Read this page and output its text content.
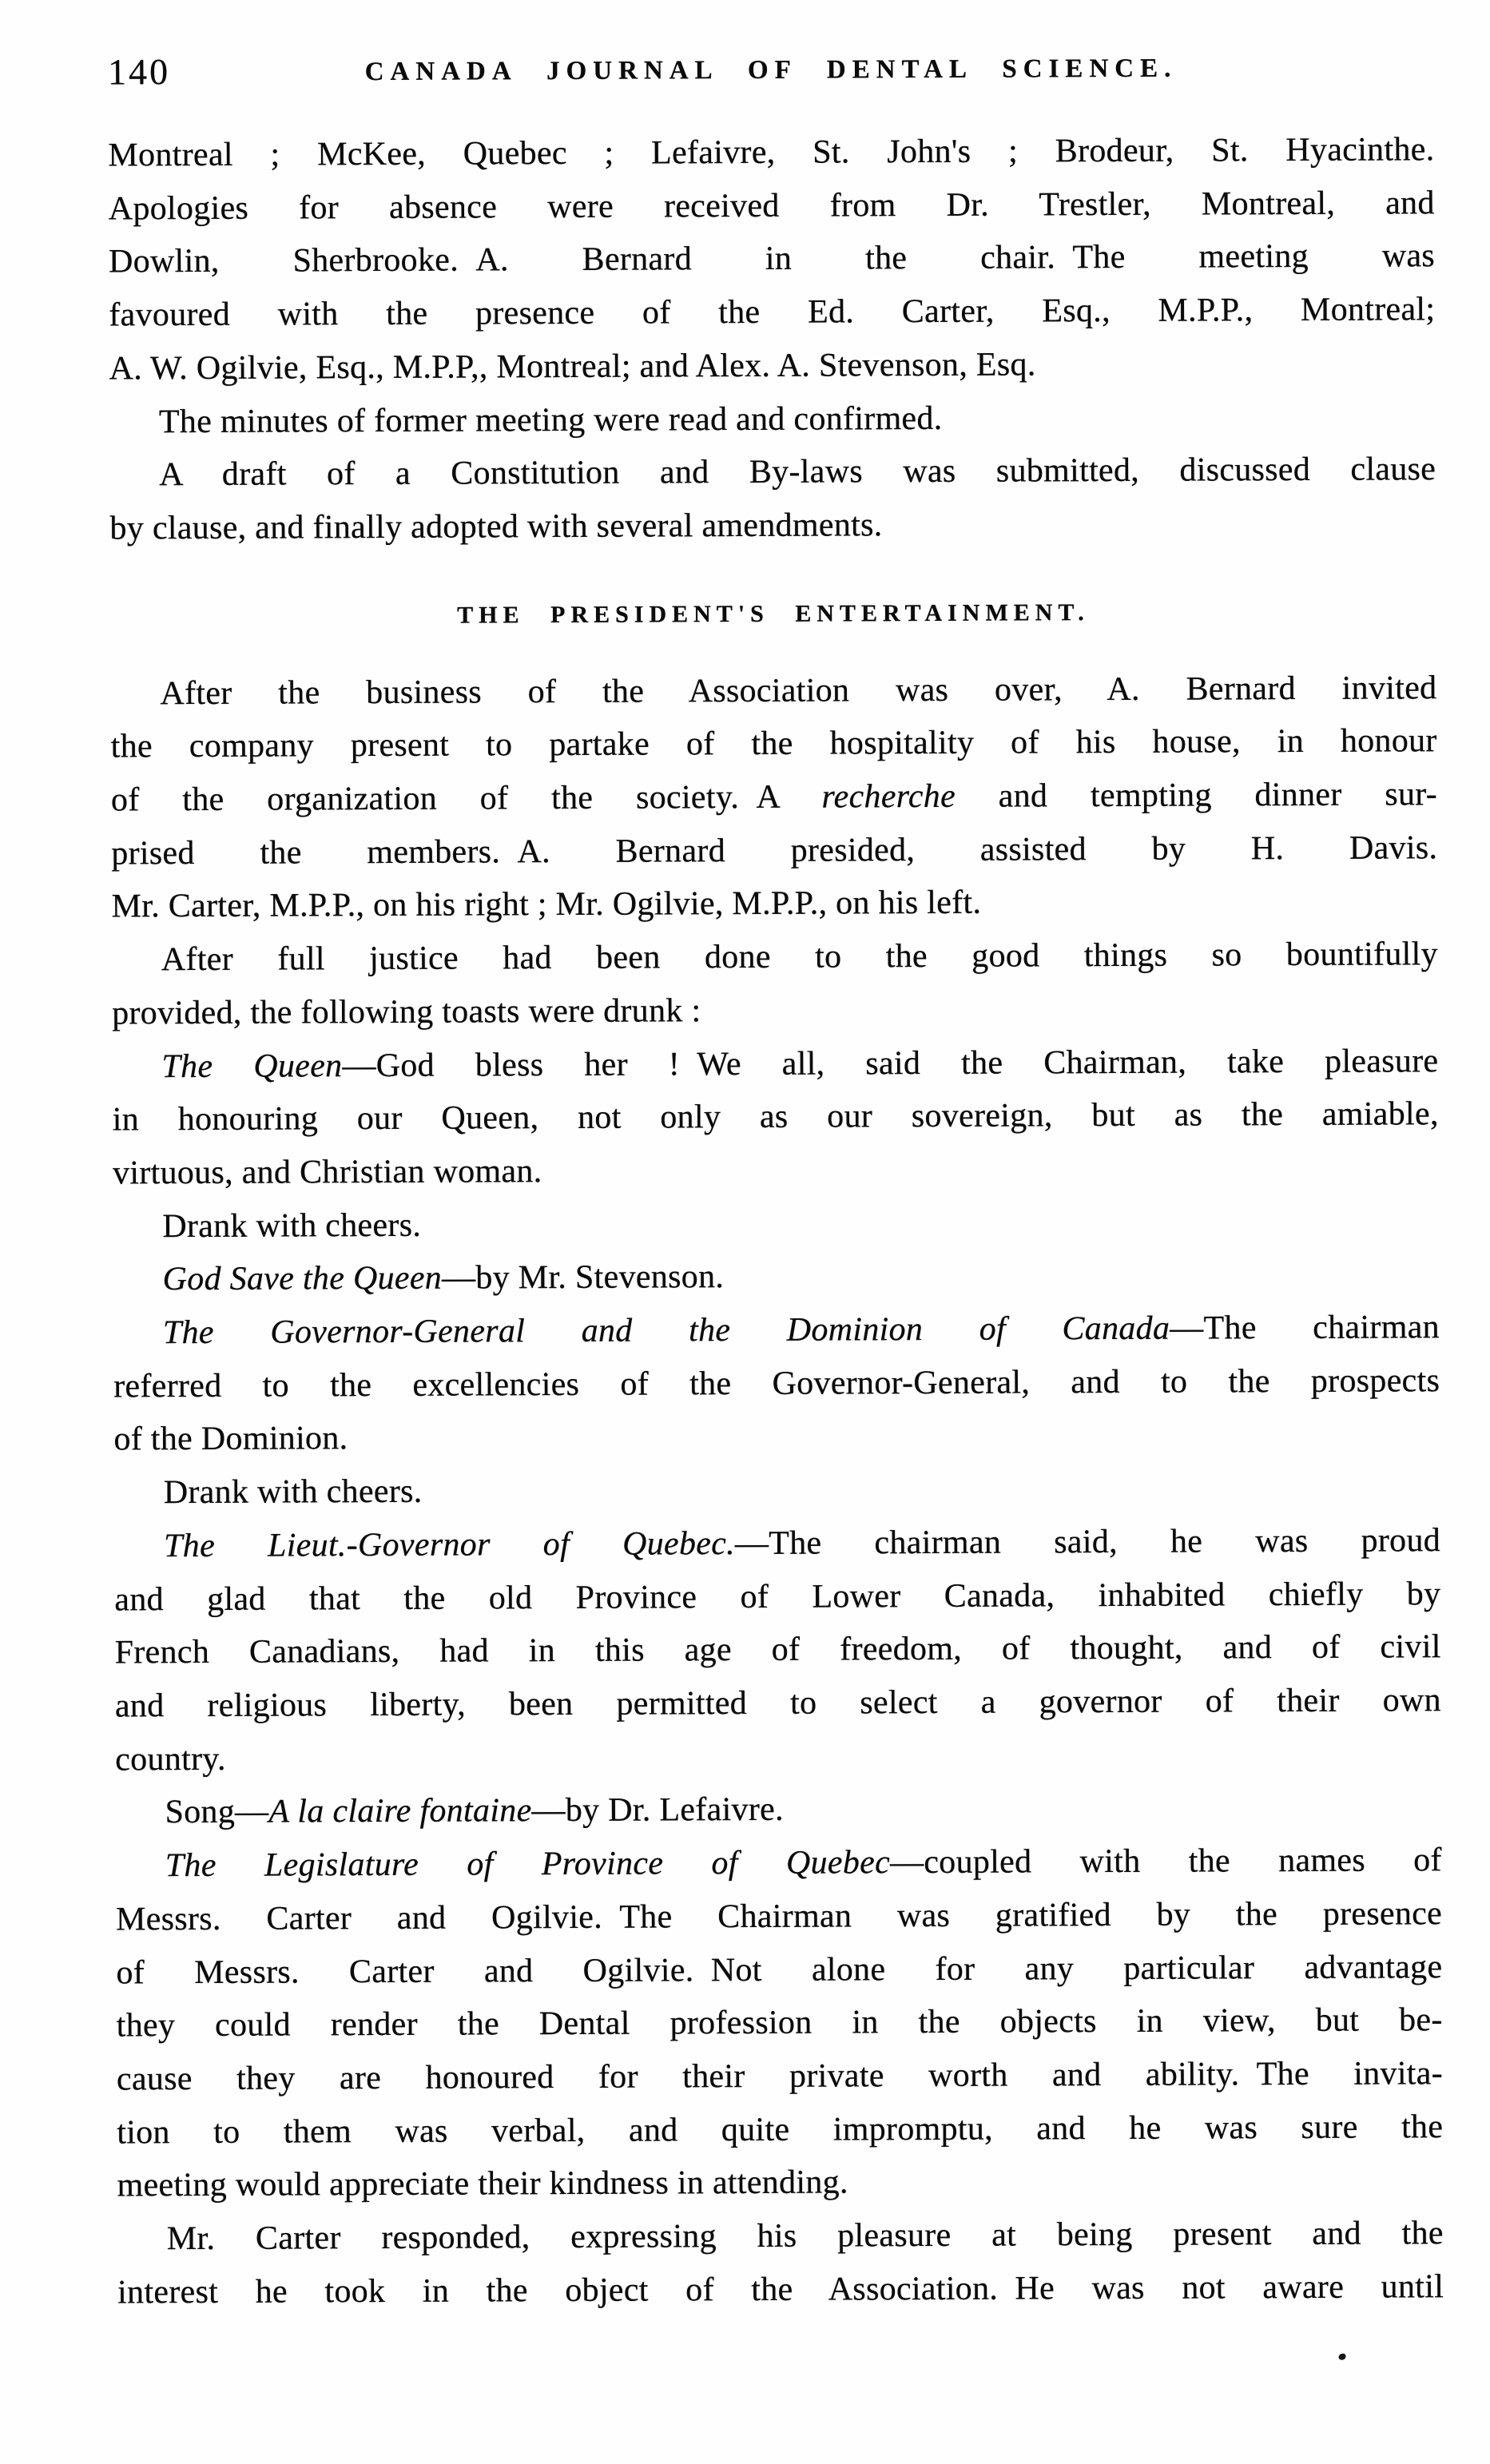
140	CANADA JOURNAL OF DENTAL SCIENCE.
Montreal ; McKee, Quebec ; Lefaivre, St. John's ; Brodeur, St. Hyacinthe.
Apologies for absence were received from Dr. Trestler, Montreal, and
Dowlin, Sherbrooke. A. Bernard in the chair. The meeting was
favoured with the presence of the Ed. Carter, Esq., M.P.P., Montreal;
A. W. Ogilvie, Esq., M.P.P,, Montreal; and Alex. A. Stevenson, Esq.
The minutes of former meeting were read and confirmed.
A draft of a Constitution and By-laws was submitted, discussed clause
by clause, and finally adopted with several amendments.
THE PRESIDENT'S ENTERTAINMENT.
After the business of the Association was over, A. Bernard invited
the company present to partake of the hospitality of his house, in honour
of the organization of the society. A recherche and tempting dinner sur-
prised the members. A. Bernard presided, assisted by H. Davis.
Mr. Carter, M.P.P., on his right ; Mr. Ogilvie, M.P.P., on his left.
After full justice had been done to the good things so bountifully
provided, the following toasts were drunk :
The Queen—God bless her ! We all, said the Chairman, take pleasure
in honouring our Queen, not only as our sovereign, but as the amiable,
virtuous, and Christian woman.
Drank with cheers.
God Save the Queen—by Mr. Stevenson.
The Governor-General and the Dominion of Canada—The chairman
referred to the excellencies of the Governor-General, and to the prospects
of the Dominion.
Drank with cheers.
The Lieut.-Governor of Quebec.—The chairman said, he was proud
and glad that the old Province of Lower Canada, inhabited chiefly by
French Canadians, had in this age of freedom, of thought, and of civil
and religious liberty, been permitted to select a governor of their own
country.
Song—A la claire fontaine—by Dr. Lefaivre.
The Legislature of Province of Quebec—coupled with the names of
Messrs. Carter and Ogilvie. The Chairman was gratified by the presence
of Messrs. Carter and Ogilvie. Not alone for any particular advantage
they could render the Dental profession in the objects in view, but be-
cause they are honoured for their private worth and ability. The invita-
tion to them was verbal, and quite impromptu, and he was sure the
meeting would appreciate their kindness in attending.
Mr. Carter responded, expressing his pleasure at being present and the
interest he took in the object of the Association. He was not aware until
